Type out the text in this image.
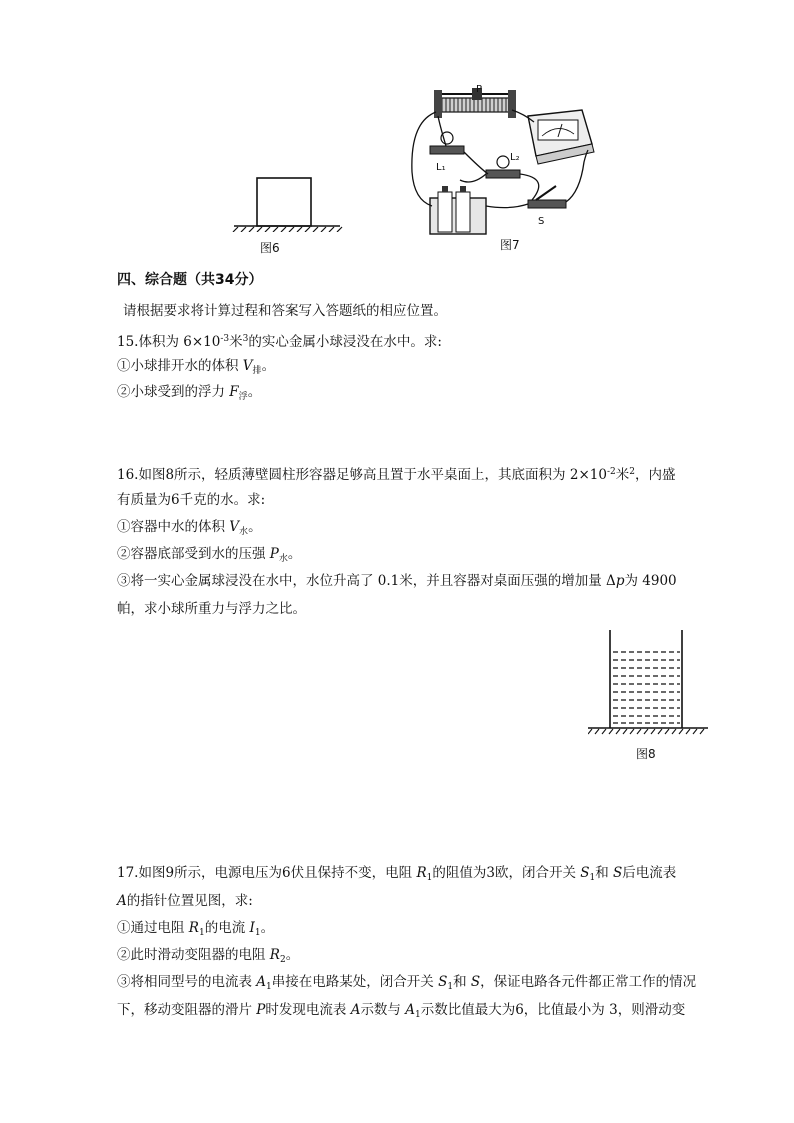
图6
P
L₁
L₂
S
图7
四、综合题（共34分）
请根据要求将计算过程和答案写入答题纸的相应位置。
15.体积为 $6\times 10^{-3}$米$^3$的实心金属小球浸没在水中。求:
①小球排开水的体积 $V_排$。
②小球受到的浮力 $F_浮$。
16.如图8所示，轻质薄壁圆柱形容器足够高且置于水平桌面上，其底面积为 $2\times 10^{-2}$米$^2$，内盛
有质量为6千克的水。求:
①容器中水的体积 $V_水$。
②容器底部受到水的压强 $P_水$。
③将一实心金属球浸没在水中，水位升高了 0.1米，并且容器对桌面压强的增加量 Δp为 4900
帕，求小球所重力与浮力之比。
图8
17.如图9所示，电源电压为6伏且保持不变，电阻 $R_1$的阻值为3欧，闭合开关 $S_1$和 S后电流表
A的指针位置见图，求:
①通过电阻 $R_1$的电流 $I_1$。
②此时滑动变阻器的电阻 $R_2$。
③将相同型号的电流表 $A_1$串接在电路某处，闭合开关 $S_1$和 S，保证电路各元件都正常工作的情况
下，移动变阻器的滑片 P时发现电流表 A示数与 $A_1$示数比值最大为6，比值最小为 3，则滑动变
